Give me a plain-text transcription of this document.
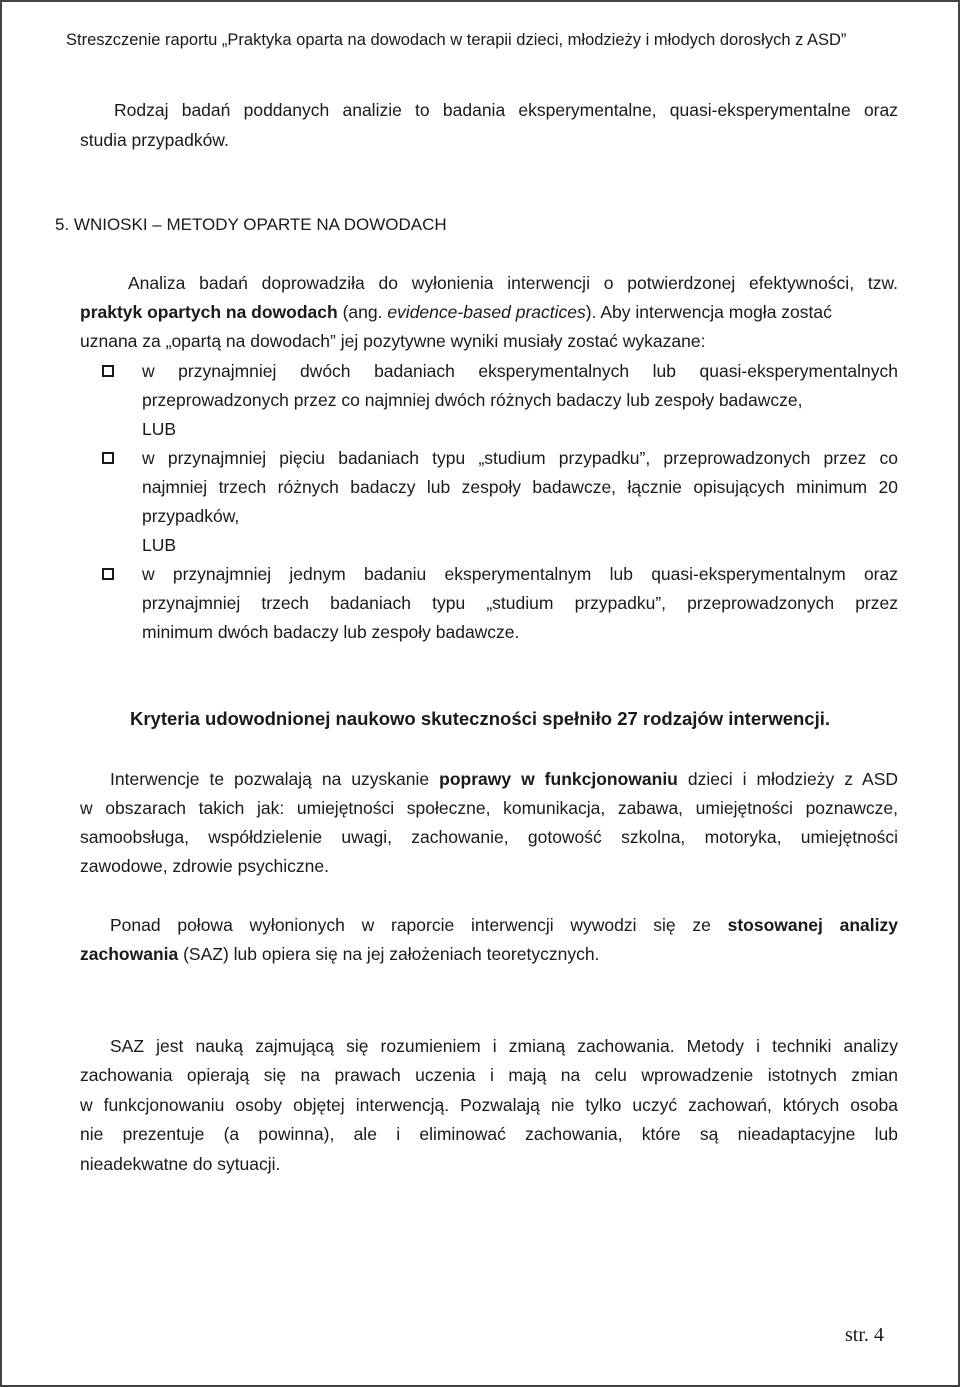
Streszczenie raportu „Praktyka oparta na dowodach w terapii dzieci, młodzieży i młodych dorosłych z ASD”
Rodzaj badań poddanych analizie to badania eksperymentalne, quasi-eksperymentalne oraz
studia przypadków.
5. WNIOSKI – METODY OPARTE NA DOWODACH
Analiza badań doprowadziła do wyłonienia interwencji o potwierdzonej efektywności, tzw.
praktyk opartych na dowodach (ang. evidence-based practices). Aby interwencja mogła zostać
uznana za „opartą na dowodach” jej pozytywne wyniki musiały zostać wykazane:
w przynajmniej dwóch badaniach eksperymentalnych lub quasi-eksperymentalnych
przeprowadzonych przez co najmniej dwóch różnych badaczy lub zespoły badawcze,
LUB
w przynajmniej pięciu badaniach typu „studium przypadku”, przeprowadzonych przez co
najmniej trzech różnych badaczy lub zespoły badawcze, łącznie opisujących minimum 20
przypadków,
LUB
w przynajmniej jednym badaniu eksperymentalnym lub quasi-eksperymentalnym oraz
przynajmniej trzech badaniach typu „studium przypadku”, przeprowadzonych przez
minimum dwóch badaczy lub zespoły badawcze.
Kryteria udowodnionej naukowo skuteczności spełniło 27 rodzajów interwencji.
Interwencje te pozwalają na uzyskanie poprawy w funkcjonowaniu dzieci i młodzieży z ASD
w obszarach takich jak: umiejętności społeczne, komunikacja, zabawa, umiejętności poznawcze,
samoobsługa, współdzielenie uwagi, zachowanie, gotowość szkolna, motoryka, umiejętności
zawodowe, zdrowie psychiczne.
Ponad połowa wyłonionych w raporcie interwencji wywodzi się ze stosowanej analizy
zachowania (SAZ) lub opiera się na jej założeniach teoretycznych.
SAZ jest nauką zajmującą się rozumieniem i zmianą zachowania. Metody i techniki analizy
zachowania opierają się na prawach uczenia i mają na celu wprowadzenie istotnych zmian
w funkcjonowaniu osoby objętej interwencją. Pozwalają nie tylko uczyć zachowań, których osoba
nie prezentuje (a powinna), ale i eliminować zachowania, które są nieadaptacyjne lub
nieadekwatne do sytuacji.
str. 4
